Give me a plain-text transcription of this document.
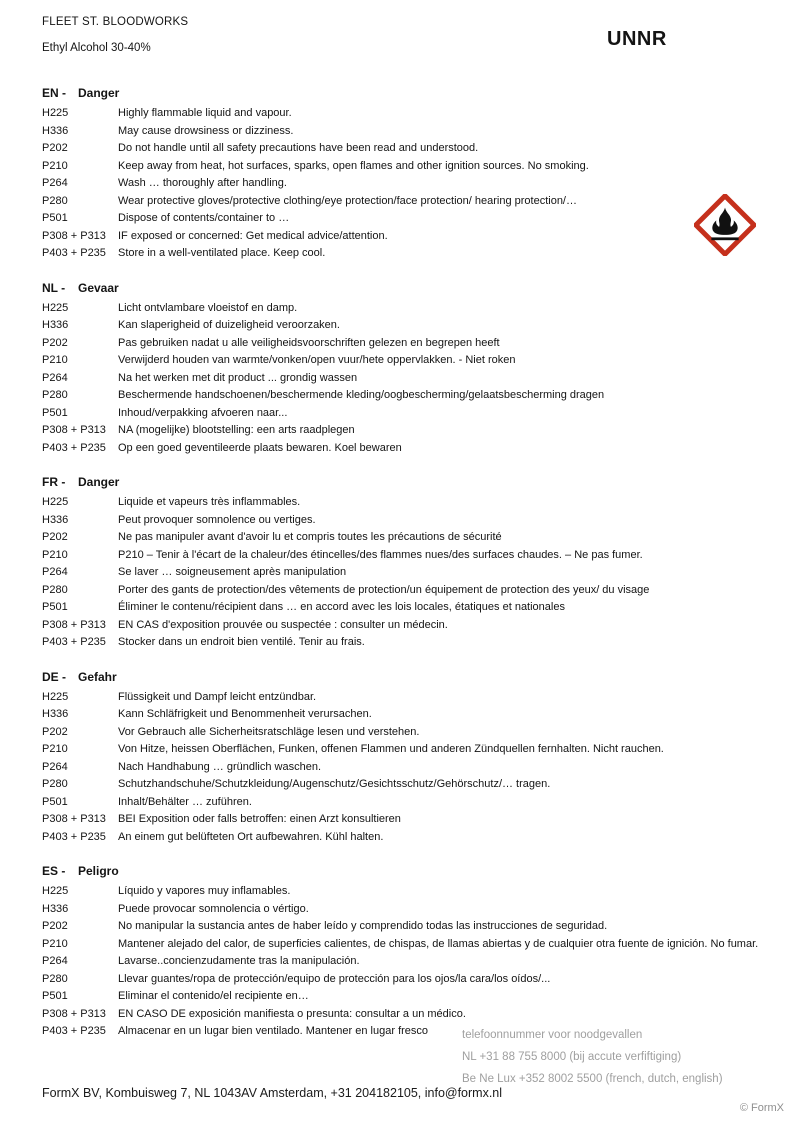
FLEET ST. BLOODWORKS
Ethyl Alcohol 30-40%	UNNR
EN -	Danger
H225	Highly flammable liquid and vapour.
H336	May cause drowsiness or dizziness.
P202	Do not handle until all safety precautions have been read and understood.
P210	Keep away from heat, hot surfaces, sparks, open flames and other ignition sources. No smoking.
P264	Wash … thoroughly after handling.
P280	Wear protective gloves/protective clothing/eye protection/face protection/ hearing protection/…
P501	Dispose of contents/container to …
P308 + P313	IF exposed or concerned: Get medical advice/attention.
P403 + P235	Store in a well-ventilated place. Keep cool.
NL -	Gevaar
H225	Licht ontvlambare vloeistof en damp.
H336	Kan slaperigheid of duizeligheid veroorzaken.
P202	Pas gebruiken nadat u alle veiligheidsvoorschriften gelezen en begrepen heeft
P210	Verwijderd houden van warmte/vonken/open vuur/hete oppervlakken. - Niet roken
P264	Na het werken met dit product ... grondig wassen
P280	Beschermende handschoenen/beschermende kleding/oogbescherming/gelaatsbescherming dragen
P501	Inhoud/verpakking afvoeren naar...
P308 + P313	NA (mogelijke) blootstelling: een arts raadplegen
P403 + P235	Op een goed geventileerde plaats bewaren. Koel bewaren
FR -	Danger
H225	Liquide et vapeurs très inflammables.
H336	Peut provoquer somnolence ou vertiges.
P202	Ne pas manipuler avant d'avoir lu et compris toutes les précautions de sécurité
P210	P210 – Tenir à l'écart de la chaleur/des étincelles/des flammes nues/des surfaces chaudes. – Ne pas fumer.
P264	Se laver … soigneusement après manipulation
P280	Porter des gants de protection/des vêtements de protection/un équipement de protection des yeux/ du visage
P501	Éliminer le contenu/récipient dans … en accord avec les lois locales, étatiques et nationales
P308 + P313	EN CAS d'exposition prouvée ou suspectée : consulter un médecin.
P403 + P235	Stocker dans un endroit bien ventilé. Tenir au frais.
DE -	Gefahr
H225	Flüssigkeit und Dampf leicht entzündbar.
H336	Kann Schläfrigkeit und Benommenheit verursachen.
P202	Vor Gebrauch alle Sicherheitsratschläge lesen und verstehen.
P210	Von Hitze, heissen Oberflächen, Funken, offenen Flammen und anderen Zündquellen fernhalten. Nicht rauchen.
P264	Nach Handhabung … gründlich waschen.
P280	Schutzhandschuhe/Schutzkleidung/Augenschutz/Gesichtsschutz/Gehörschutz/… tragen.
P501	Inhalt/Behälter … zuführen.
P308 + P313	BEI Exposition oder falls betroffen: einen Arzt konsultieren
P403 + P235	An einem gut belüfteten Ort aufbewahren. Kühl halten.
ES -	Peligro
H225	Líquido y vapores muy inflamables.
H336	Puede provocar somnolencia o vértigo.
P202	No manipular la sustancia antes de haber leído y comprendido todas las instrucciones de seguridad.
P210	Mantener alejado del calor, de superficies calientes, de chispas, de llamas abiertas y de cualquier otra fuente de ignición. No fumar.
P264	Lavarse..concienzudamente tras la manipulación.
P280	Llevar guantes/ropa de protección/equipo de protección para los ojos/la cara/los oídos/...
P501	Eliminar el contenido/el recipiente en…
P308 + P313	EN CASO DE exposición manifiesta o presunta: consultar a un médico.
P403 + P235	Almacenar en un lugar bien ventilado. Mantener en lugar fresco	telefoonnummer voor noodgevallen
NL +31 88 755 8000 (bij accute verfiftiging)
Be Ne Lux +352 8002 5500 (french, dutch, english)
FormX BV, Kombuisweg 7, NL 1043AV Amsterdam, +31 204182105, info@formx.nl
© FormX
